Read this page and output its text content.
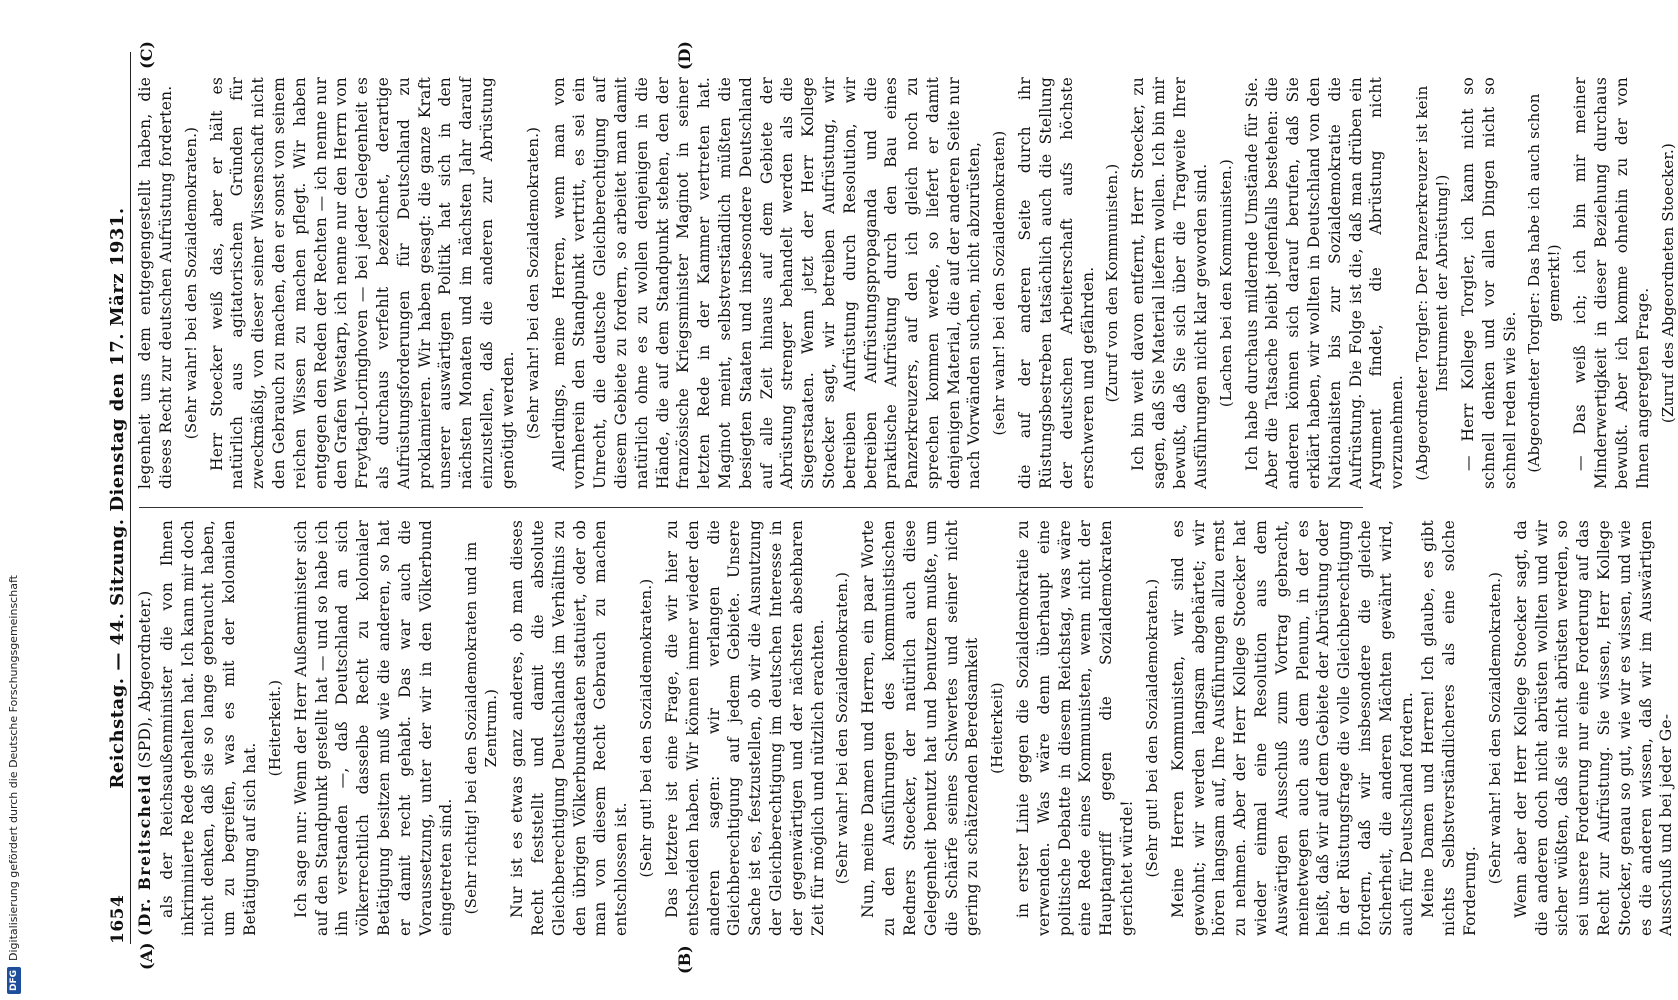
DFG
Digitalisierung gefördert durch die Deutsche Forschungsgemeinschaft	1654
Reichstag. — 44. Sitzung. Dienstag den 17. März 1931.
(A)	(B)

(Dr. Breitscheid (SPD), Abgeordneter.) als der Reichsaußenminister die von Ihnen inkriminierte Rede gehalten hat. Ich kann mir doch nicht denken, daß sie so lange gebraucht haben, um zu begreifen, was es mit der kolonialen Betätigung auf sich hat.

(Heiterkeit.) Ich sage nur: Wenn der Herr Außenminister sich auf den Standpunkt gestellt hat — und so habe ich ihn verstanden —, daß Deutschland an sich völkerrechtlich dasselbe Recht zu kolonialer Betätigung besitzen muß wie die anderen, so hat er damit recht gehabt. Das war auch die Voraussetzung, unter der wir in den Völkerbund eingetreten sind. (Sehr richtig! bei den Sozialdemokraten und im Zentrum.) Nur ist es etwas ganz anderes, ob man dieses Recht feststellt und damit die absolute Gleichberechtigung Deutschlands im Verhältnis zu den übrigen Völkerbundstaaten statuiert, oder ob man von diesem Recht Gebrauch zu machen entschlossen ist. (Sehr gut! bei den Sozialdemokraten.) Das letztere ist eine Frage, die wir hier zu entscheiden haben. Wir können immer wieder den anderen sagen: wir verlangen die Gleichberechtigung auf jedem Gebiete. Unsere Sache ist es, festzustellen, ob wir die Ausnutzung der Gleichberechtigung im deutschen Interesse in der gegenwärtigen und der nächsten absehbaren Zeit für möglich und nützlich erachten. (Sehr wahr! bei den Sozialdemokraten.) Nun, meine Damen und Herren, ein paar Worte zu den Ausführungen des kommunistischen Redners Stoecker, der natürlich auch diese Gelegenheit benutzt hat und benutzen mußte, um die Schärfe seines Schwertes und seiner nicht gering zu schätzenden Beredsamkeit (Heiterkeit) in erster Linie gegen die Sozialdemokratie zu verwenden. Was wäre denn überhaupt eine politische Debatte in diesem Reichstag, was wäre eine Rede eines Kommunisten, wenn nicht der Hauptangriff gegen die Sozialdemokraten gerichtet würde! (Sehr gut! bei den Sozialdemokraten.) Meine Herren Kommunisten, wir sind es gewohnt; wir werden langsam abgehärtet; wir hören langsam auf, Ihre Ausführungen allzu ernst zu nehmen. Aber der Herr Kollege Stoecker hat wieder einmal eine Resolution aus dem Auswärtigen Ausschuß zum Vortrag gebracht, meinetwegen auch aus dem Plenum, in der es heißt, daß wir auf dem Gebiete der Abrüstung oder in der Rüstungsfrage die volle Gleichberechtigung fordern, daß wir insbesondere die gleiche Sicherheit, die anderen Mächten gewährt wird, auch für Deutschland fordern. Meine Damen und Herren! Ich glaube, es gibt nichts Selbstverständlicheres als eine solche Forderung.

(Sehr wahr! bei den Sozialdemokraten.) Wenn aber der Herr Kollege Stoecker sagt, da die anderen doch nicht abrüsten wollten und wir sicher wüßten, daß sie nicht abrüsten werden, so sei unsere Forderung nur eine Forderung auf das Recht zur Aufrüstung. Sie wissen, Herr Kollege Stoecker, genau so gut, wie wir es wissen, und wie es die anderen wissen, daß wir im Auswärtigen Ausschuß und bei jeder Ge-

(C)	(D)

legenheit uns dem entgegengestellt haben, die dieses Recht zur deutschen Aufrüstung forderten. (Sehr wahr! bei den Sozialdemokraten.) Herr Stoecker weiß das, aber er hält es natürlich aus agitatorischen Gründen für zweckmäßig, von dieser seiner Wissenschaft nicht den Gebrauch zu machen, den er sonst von seinem reichen Wissen zu machen pflegt. Wir haben entgegen den Reden der Rechten — ich nenne nur den Grafen Westarp, ich nenne nur den Herrn von Freytagh-Loringhoven — bei jeder Gelegenheit es als durchaus verfehlt bezeichnet, derartige Aufrüstungsforderungen für Deutschland zu proklamieren. Wir haben gesagt: die ganze Kraft unserer auswärtigen Politik hat sich in den nächsten Monaten und im nächsten Jahr darauf einzustellen, daß die anderen zur Abrüstung genötigt werden. (Sehr wahr! bei den Sozialdemokraten.) Allerdings, meine Herren, wenn man von vornherein den Standpunkt vertritt, es sei ein Unrecht, die deutsche Gleichberechtigung auf diesem Gebiete zu fordern, so arbeitet man damit natürlich ohne es zu wollen denjenigen in die Hände, die auf dem Standpunkt stehen, den der französische Kriegsminister Maginot in seiner letzten Rede in der Kammer vertreten hat. Maginot meint, selbstverständlich müßten die besiegten Staaten und insbesondere Deutschland auf alle Zeit hinaus auf dem Gebiete der Abrüstung strenger behandelt werden als die Siegerstaaten. Wenn jetzt der Herr Kollege Stoecker sagt, wir betreiben Aufrüstung, wir betreiben Aufrüstung durch Resolution, wir betreiben Aufrüstungspropaganda und die praktische Aufrüstung durch den Bau eines Panzerkreuzers, auf den ich gleich noch zu sprechen kommen werde, so liefert er damit denjenigen Material, die auf der anderen Seite nur nach Vorwänden suchen, nicht abzurüsten, (sehr wahr! bei den Sozialdemokraten) die auf der anderen Seite durch ihr Rüstungsbestreben tatsächlich auch die Stellung der deutschen Arbeiterschaft aufs höchste erschweren und gefährden. (Zuruf von den Kommunisten.) Ich bin weit davon entfernt, Herr Stoecker, zu sagen, daß Sie Material liefern wollen. Ich bin mir bewußt, daß Sie sich über die Tragweite Ihrer Ausführungen nicht klar geworden sind. (Lachen bei den Kommunisten.) Ich habe durchaus mildernde Umstände für Sie. Aber die Tatsache bleibt jedenfalls bestehen: die anderen können sich darauf berufen, daß Sie erklärt haben, wir wollten in Deutschland von den Nationalisten bis zur Sozialdemokratie die Aufrüstung. Die Folge ist die, daß man drüben ein Argument findet, die Abrüstung nicht vorzunehmen. (Abgeordneter Torgler: Der Panzerkreuzer ist kein Instrument der Abrüstung!) — Herr Kollege Torgler, ich kann nicht so schnell denken und vor allen Dingen nicht so schnell reden wie Sie. (Abgeordneter Torgler: Das habe ich auch schon gemerkt!) — Das weiß ich; ich bin mir meiner Minderwertigkeit in dieser Beziehung durchaus bewußt. Aber ich komme ohnehin zu der von Ihnen angeregten Frage. (Zuruf des Abgeordneten Stoecker.)
